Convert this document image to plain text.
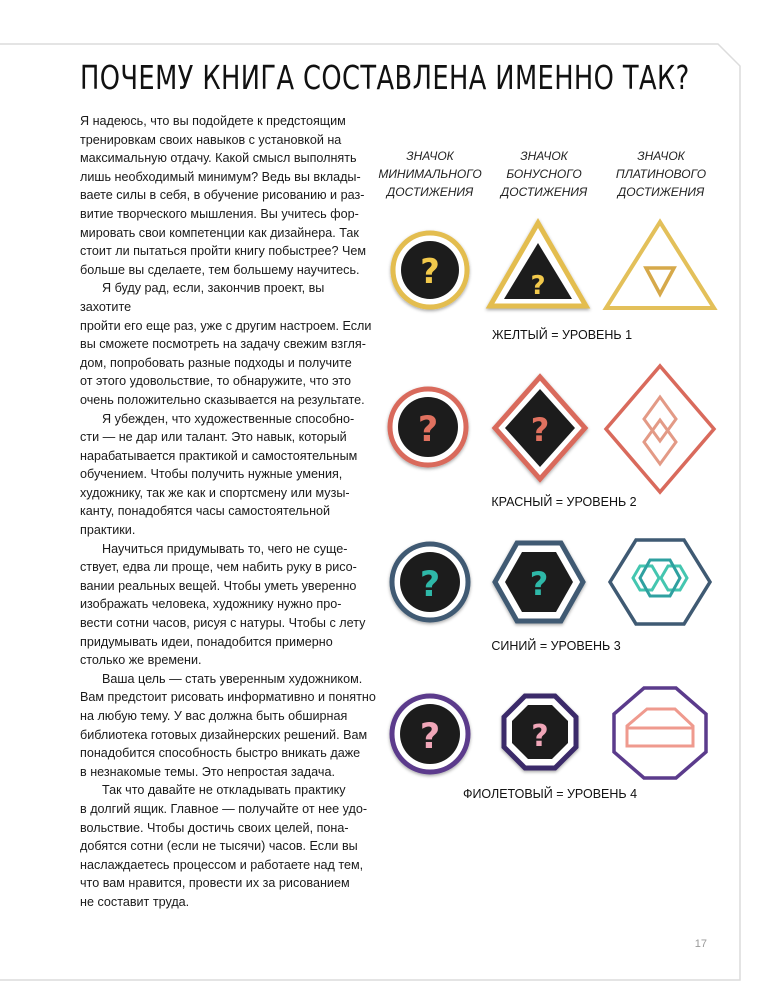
ПОЧЕМУ КНИГА СОСТАВЛЕНА ИМЕННО ТАК?

Я надеюсь, что вы подойдете к предстоящим

тренировкам своих навыков с установкой на

максимальную отдачу. Какой смысл выполнять

лишь необходимый минимум? Ведь вы вклады-

ваете силы в себя, в обучение рисованию и раз-

витие творческого мышления. Вы учитесь фор-

мировать свои компетенции как дизайнера. Так

стоит ли пытаться пройти книгу побыстрее? Чем

больше вы сделаете, тем большему научитесь.

Я буду рад, если, закончив проект, вы захотите

пройти его еще раз, уже с другим настроем. Если

вы сможете посмотреть на задачу свежим взгля-

дом, попробовать разные подходы и получите

от этого удовольствие, то обнаружите, что это

очень положительно сказывается на результате.

Я убежден, что художественные способно-

сти — не дар или талант. Это навык, который

нарабатывается практикой и самостоятельным

обучением. Чтобы получить нужные умения,

художнику, так же как и спортсмену или музы-

канту, понадобятся часы самостоятельной

практики.

Научиться придумывать то, чего не суще-

ствует, едва ли проще, чем набить руку в рисо-

вании реальных вещей. Чтобы уметь уверенно

изображать человека, художнику нужно про-

вести сотни часов, рисуя с натуры. Чтобы с лету

придумывать идеи, понадобится примерно

столько же времени.

Ваша цель — стать уверенным художником.

Вам предстоит рисовать информативно и понятно

на любую тему. У вас должна быть обширная

библиотека готовых дизайнерских решений. Вам

понадобится способность быстро вникать даже

в незнакомые темы. Это непростая задача.

Так что давайте не откладывать практику

в долгий ящик. Главное — получайте от нее удо-

вольствие. Чтобы достичь своих целей, пона-

добятся сотни (если не тысячи) часов. Если вы

наслаждаетесь процессом и работаете над тем,

что вам нравится, провести их за рисованием

не составит труда.

ЗНАЧОК
МИНИМАЛЬНОГО
ДОСТИЖЕНИЯ
ЗНАЧОК
БОНУСНОГО
ДОСТИЖЕНИЯ
ЗНАЧОК
ПЛАТИНОВОГО
ДОСТИЖЕНИЯ
?	?
?	?
?	?
?	?
ЖЕЛТЫЙ = УРОВЕНЬ 1
КРАСНЫЙ = УРОВЕНЬ 2
СИНИЙ = УРОВЕНЬ 3
ФИОЛЕТОВЫЙ = УРОВЕНЬ 4
17
